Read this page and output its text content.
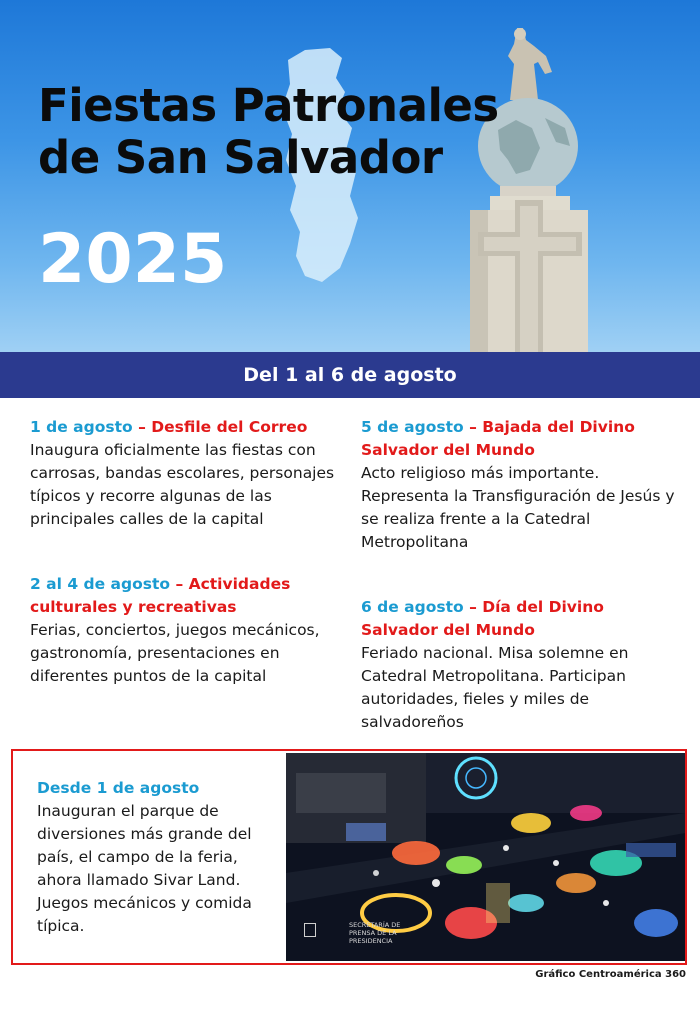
Fiestas Patronales
de San Salvador
2025
Del 1 al 6 de agosto
1 de agosto – Desfile del Correo
Inaugura oficialmente las fiestas con carrosas, bandas escolares, personajes típicos y recorre algunas de las principales calles de la capital
2 al 4 de agosto – Actividades culturales y recreativas
Ferias, conciertos, juegos mecánicos, gastronomía, presentaciones en diferentes puntos de la capital
5 de agosto – Bajada del Divino Salvador del Mundo
Acto religioso más importante. Representa la Transfiguración de Jesús y se realiza frente a la Catedral Metropolitana
6 de agosto – Día del Divino Salvador del Mundo
Feriado nacional. Misa solemne en Catedral Metropolitana. Participan autoridades, fieles y miles de salvadoreños
Desde 1 de agosto
Inauguran el parque de diversiones más grande del país, el campo de la feria, ahora llamado Sivar Land. Juegos mecánicos y comida típica.	SECRETARÍA DE PRENSA DE LA PRESIDENCIA
Gráfico Centroamérica 360
